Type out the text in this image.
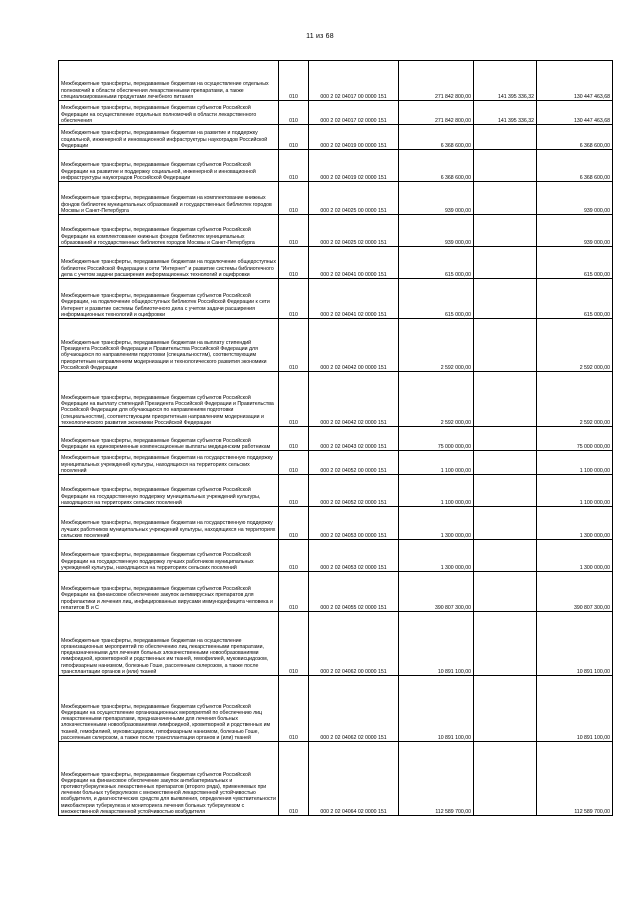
11 из 68
Межбюджетные трансферты, передаваемые бюджетам на осуществление отдельных полномочий в области обеспечения лекарственными препаратами, а также специализированными продуктами лечебного питания	010	000 2 02 04017 00 0000 151	271 842 800,00	141 395 336,32	130 447 463,68
Межбюджетные трансферты, передаваемые бюджетам субъектов Российской Федерации на осуществление отдельных полномочий в области лекарственного обеспечения	010	000 2 02 04017 02 0000 151	271 842 800,00	141 395 336,32	130 447 463,68
Межбюджетные трансферты, передаваемые бюджетам на развитие и поддержку социальной, инженерной и инновационной инфраструктуры наукоградов Российской Федерации	010	000 2 02 04019 00 0000 151	6 368 600,00		6 368 600,00
Межбюджетные трансферты, передаваемые бюджетам субъектов Российской Федерации на развитие и поддержку социальной, инженерной и инновационной инфраструктуры наукоградов Российской Федерации	010	000 2 02 04019 02 0000 151	6 368 600,00		6 368 600,00
Межбюджетные трансферты, передаваемые бюджетам на комплектование книжных фондов библиотек муниципальных образований и государственных библиотек городов Москвы и Санкт-Петербурга	010	000 2 02 04025 00 0000 151	939 000,00		939 000,00
Межбюджетные трансферты, передаваемые бюджетам субъектов Российской Федерации на комплектование книжных фондов библиотек муниципальных образований и государственных библиотек городов Москвы и Санкт-Петербурга	010	000 2 02 04025 02 0000 151	939 000,00		939 000,00
Межбюджетные трансферты, передаваемые бюджетам на подключение общедоступных библиотек Российской Федерации к сети "Интернет" и развитие системы библиотечного дела с учетом задачи расширения информационных технологий и оцифровки	010	000 2 02 04041 00 0000 151	615 000,00		615 000,00
Межбюджетные трансферты, передаваемые бюджетам субъектов Российской Федерации, на подключение общедоступных библиотек Российской Федерации к сети Интернет и развитие системы библиотечного дела с учетом задачи расширения информационных технологий и оцифровки	010	000 2 02 04041 02 0000 151	615 000,00		615 000,00
Межбюджетные трансферты, передаваемые бюджетам на выплату стипендий Президента Российской Федерации и Правительства Российской Федерации для обучающихся по направлениям подготовки (специальностям), соответствующим приоритетным направлениям модернизации и технологического развития экономики Российской Федерации	010	000 2 02 04042 00 0000 151	2 592 000,00		2 592 000,00
Межбюджетные трансферты, передаваемые бюджетам субъектов Российской Федерации на выплату стипендий Президента Российской Федерации и Правительства Российской Федерации для обучающихся по направлениям подготовки (специальностям), соответствующим приоритетным направлениям модернизации и технологического развития экономики Российской Федерации	010	000 2 02 04042 02 0000 151	2 592 000,00		2 592 000,00
Межбюджетные трансферты, передаваемые бюджетам субъектов Российской Федерации на единовременные компенсационные выплаты медицинским работникам	010	000 2 02 04043 02 0000 151	75 000 000,00		75 000 000,00
Межбюджетные трансферты, передаваемые бюджетам на государственную поддержку муниципальных учреждений культуры, находящихся на территориях сельских поселений	010	000 2 02 04052 00 0000 151	1 100 000,00		1 100 000,00
Межбюджетные трансферты, передаваемые бюджетам субъектов Российской Федерации на государственную поддержку муниципальных учреждений культуры, находящихся на территориях сельских поселений	010	000 2 02 04052 02 0000 151	1 100 000,00		1 100 000,00
Межбюджетные трансферты, передаваемые бюджетам на государственную поддержку лучших работников муниципальных учреждений культуры, находящихся на территориях сельских поселений	010	000 2 02 04053 00 0000 151	1 300 000,00		1 300 000,00
Межбюджетные трансферты, передаваемые бюджетам субъектов Российской Федерации на государственную поддержку лучших работников муниципальных учреждений культуры, находящихся на территориях сельских поселений	010	000 2 02 04053 02 0000 151	1 300 000,00		1 300 000,00
Межбюджетные трансферты, передаваемые бюджетам субъектов Российской Федерации на финансовое обеспечение закупок антивирусных препаратов для профилактики и лечения лиц, инфицированных вирусами иммунодефицита человека и гепатитов B и C	010	000 2 02 04055 02 0000 151	390 807 300,00		390 807 300,00
Межбюджетные трансферты, передаваемые бюджетам на осуществление организационных мероприятий по обеспечению лиц лекарственными препаратами, предназначенными для лечения больных злокачественными новообразованиями лимфоидной, кроветворной и родственных им тканей, гемофилией, муковисцидозом, гипофизарным нанизмом, болезнью Гоше, рассеянным склерозом, а также после трансплантации органов и (или) тканей	010	000 2 02 04062 00 0000 151	10 891 100,00		10 891 100,00
Межбюджетные трансферты, передаваемые бюджетам субъектов Российской Федерации на осуществление организационных мероприятий по обеспечению лиц лекарственными препаратами, предназначенными для лечения больных злокачественными новообразованиями лимфоидной, кроветворной и родственных им тканей, гемофилией, муковисцидозом, гипофизарным нанизмом, болезнью Гоше, рассеянным склерозом, а также после трансплантации органов и (или) тканей	010	000 2 02 04062 02 0000 151	10 891 100,00		10 891 100,00
Межбюджетные трансферты, передаваемые бюджетам субъектов Российской Федерации на финансовое обеспечение закупок антибактериальных и противотуберкулезных лекарственных препаратов (второго ряда), применяемых при лечении больных туберкулезом с множественной лекарственной устойчивостью возбудителя, и диагностических средств для выявления, определения чувствительности микобактерии туберкулеза и мониторинга лечения больных туберкулезом с множественной лекарственной устойчивостью возбудителя	010	000 2 02 04064 02 0000 151	112 589 700,00		112 589 700,00
